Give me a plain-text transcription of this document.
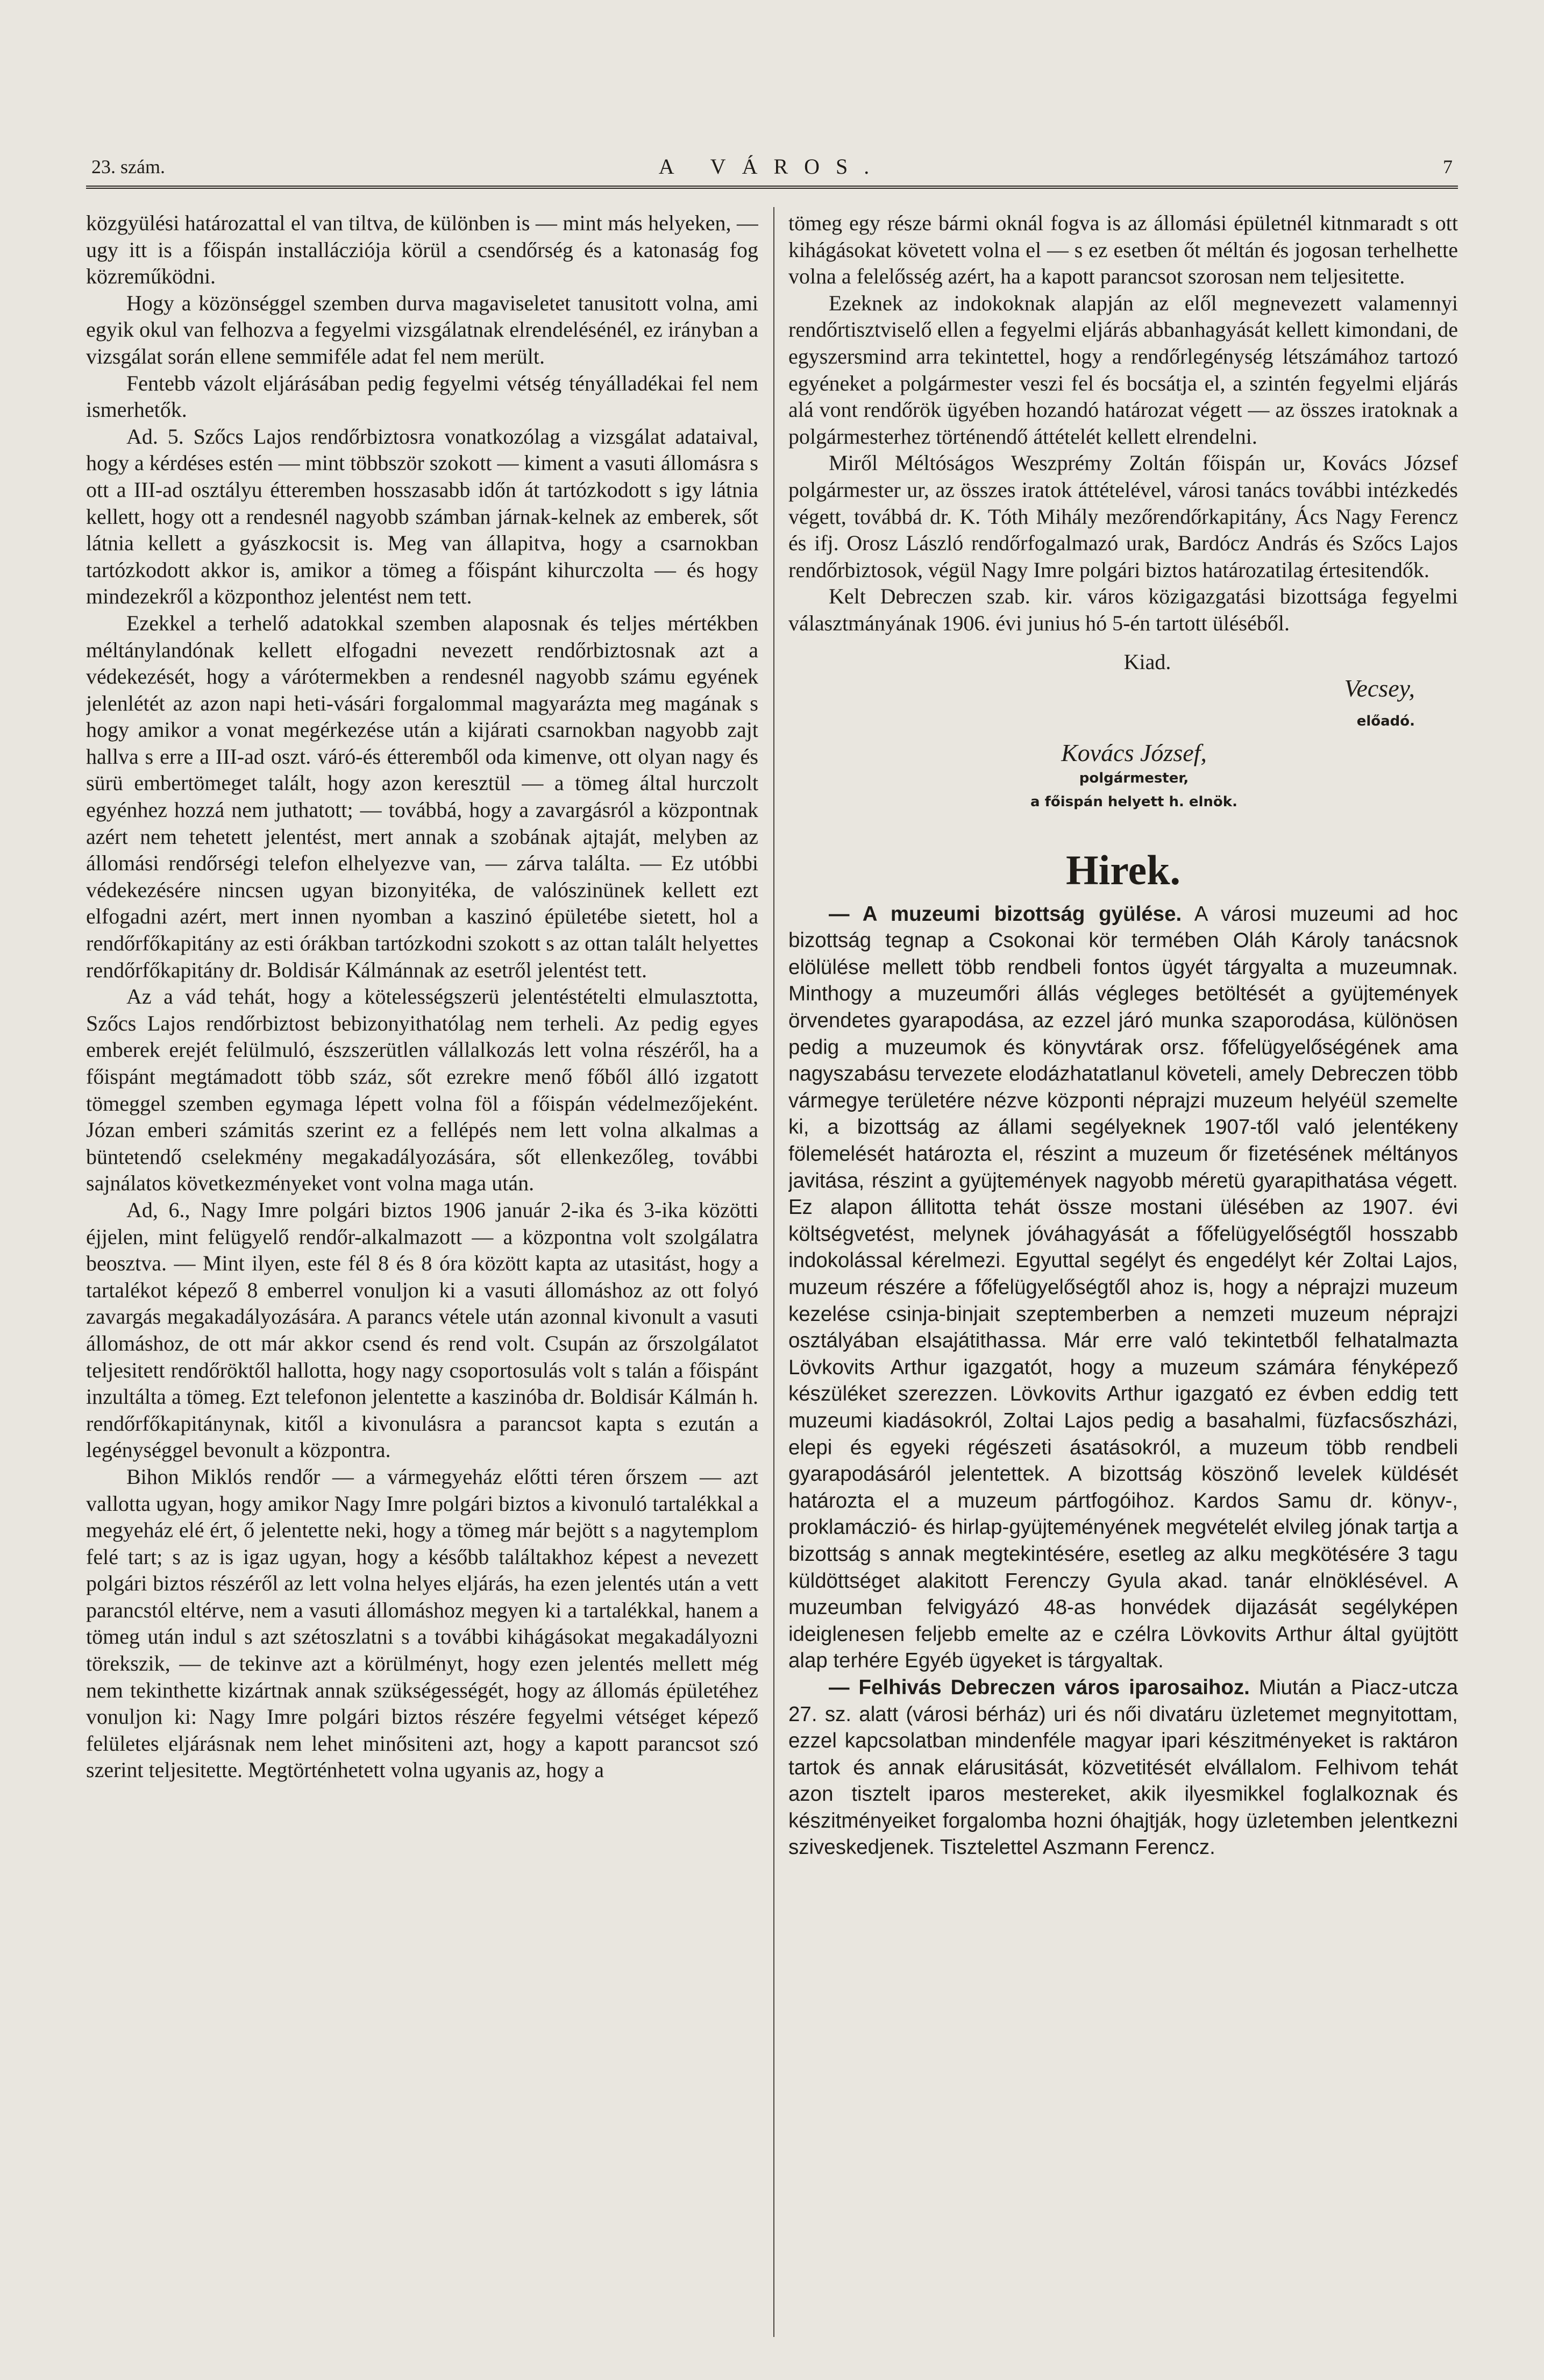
23. szám.	A VÁROS.	7

közgyülési határozattal el van tiltva, de különben is — mint más helyeken, — ugy itt is a főispán installácziója körül a csendőrség és a katonaság fog közreműködni.

Hogy a közönséggel szemben durva magaviseletet tanusitott volna, ami egyik okul van felhozva a fegyelmi vizsgálatnak elrendelésénél, ez irányban a vizsgálat során ellene semmiféle adat fel nem merült.

Fentebb vázolt eljárásában pedig fegyelmi vétség tényálladékai fel nem ismerhetők.

Ad. 5. Szőcs Lajos rendőrbiztosra vonatkozólag a vizsgálat adataival, hogy a kérdéses estén — mint többször szokott — kiment a vasuti állomásra s ott a III-ad osztályu étteremben hosszasabb időn át tartózkodott s igy látnia kellett, hogy ott a rendesnél nagyobb számban járnak-kelnek az emberek, sőt látnia kellett a gyászkocsit is. Meg van állapitva, hogy a csarnokban tartózkodott akkor is, amikor a tömeg a főispánt kihurczolta — és hogy mindezekről a központhoz jelentést nem tett.

Ezekkel a terhelő adatokkal szemben alaposnak és teljes mértékben méltánylandónak kellett elfogadni nevezett rendőrbiztosnak azt a védekezését, hogy a várótermekben a rendesnél nagyobb számu egyének jelenlétét az azon napi heti-vásári forgalommal magyarázta meg magának s hogy amikor a vonat megérkezése után a kijárati csarnokban nagyobb zajt hallva s erre a III-ad oszt. váró-és étteremből oda kimenve, ott olyan nagy és sürü embertömeget talált, hogy azon keresztül — a tömeg által hurczolt egyénhez hozzá nem juthatott; — továbbá, hogy a zavargásról a központnak azért nem tehetett jelentést, mert annak a szobának ajtaját, melyben az állomási rendőrségi telefon elhelyezve van, — zárva találta. — Ez utóbbi védekezésére nincsen ugyan bizonyitéka, de valószinünek kellett ezt elfogadni azért, mert innen nyomban a kaszinó épületébe sietett, hol a rendőrfőkapitány az esti órákban tartózkodni szokott s az ottan talált helyettes rendőrfőkapitány dr. Boldisár Kálmánnak az esetről jelentést tett.

Az a vád tehát, hogy a kötelességszerü jelentéstételti elmulasztotta, Szőcs Lajos rendőrbiztost bebizonyithatólag nem terheli. Az pedig egyes emberek erejét felülmuló, észszerütlen vállalkozás lett volna részéről, ha a főispánt megtámadott több száz, sőt ezrekre menő főből álló izgatott tömeggel szemben egymaga lépett volna föl a főispán védelmezőjeként. Józan emberi számitás szerint ez a fellépés nem lett volna alkalmas a büntetendő cselekmény megakadályozására, sőt ellenkezőleg, további sajnálatos következményeket vont volna maga után.

Ad, 6., Nagy Imre polgári biztos 1906 január 2-ika és 3-ika közötti éjjelen, mint felügyelő rendőr-alkalmazott — a központna volt szolgálatra beosztva. — Mint ilyen, este fél 8 és 8 óra között kapta az utasitást, hogy a tartalékot képező 8 emberrel vonuljon ki a vasuti állomáshoz az ott folyó zavargás megakadályozására. A parancs vétele után azonnal kivonult a vasuti állomáshoz, de ott már akkor csend és rend volt. Csupán az őrszolgálatot teljesitett rendőröktől hallotta, hogy nagy csoportosulás volt s talán a főispánt inzultálta a tömeg. Ezt telefonon jelentette a kaszinóba dr. Boldisár Kálmán h. rendőrfőkapitánynak, kitől a kivonulásra a parancsot kapta s ezután a legénységgel bevonult a központra.

Bihon Miklós rendőr — a vármegyeház előtti téren őrszem — azt vallotta ugyan, hogy amikor Nagy Imre polgári biztos a kivonuló tartalékkal a megyeház elé ért, ő jelentette neki, hogy a tömeg már bejött s a nagytemplom felé tart; s az is igaz ugyan, hogy a később találtakhoz képest a nevezett polgári biztos részéről az lett volna helyes eljárás, ha ezen jelentés után a vett parancstól eltérve, nem a vasuti állomáshoz megyen ki a tartalékkal, hanem a tömeg után indul s azt szétoszlatni s a további kihágásokat megakadályozni törekszik, — de tekinve azt a körülményt, hogy ezen jelentés mellett még nem tekinthette kizártnak annak szükségességét, hogy az állomás épületéhez vonuljon ki: Nagy Imre polgári biztos részére fegyelmi vétséget képező felületes eljárásnak nem lehet minősiteni azt, hogy a kapott parancsot szó szerint teljesitette. Megtörténhetett volna ugyanis az, hogy a

tömeg egy része bármi oknál fogva is az állomási épületnél kitnmaradt s ott kihágásokat követett volna el — s ez esetben őt méltán és jogosan terhelhette volna a felelősség azért, ha a kapott parancsot szorosan nem teljesitette.

Ezeknek az indokoknak alapján az elől megnevezett valamennyi rendőrtisztviselő ellen a fegyelmi eljárás abbanhagyását kellett kimondani, de egyszersmind arra tekintettel, hogy a rendőrlegénység létszámához tartozó egyéneket a polgármester veszi fel és bocsátja el, a szintén fegyelmi eljárás alá vont rendőrök ügyében hozandó határozat végett — az összes iratoknak a polgármesterhez történendő áttételét kellett elrendelni.

Miről Méltóságos Weszprémy Zoltán főispán ur, Kovács József polgármester ur, az összes iratok áttételével, városi tanács további intézkedés végett, továbbá dr. K. Tóth Mihály mezőrendőrkapitány, Ács Nagy Ferencz és ifj. Orosz László rendőrfogalmazó urak, Bardócz András és Szőcs Lajos rendőrbiztosok, végül Nagy Imre polgári biztos határozatilag értesitendők.

Kelt Debreczen szab. kir. város közigazgatási bizottsága fegyelmi választmányának 1906. évi junius hó 5-én tartott üléséből.

Kiad.
Vecsey,
előadó.
Kovács József,
polgármester,
a főispán helyett h. elnök.
Hirek.

— A muzeumi bizottság gyülése. A városi muzeumi ad hoc bizottság tegnap a Csokonai kör termében Oláh Károly tanácsnok elölülése mellett több rendbeli fontos ügyét tárgyalta a muzeumnak. Minthogy a muzeumőri állás végleges betöltését a gyüjtemények örvendetes gyarapodása, az ezzel járó munka szaporodása, különösen pedig a muzeumok és könyvtárak orsz. főfelügyelőségének ama nagyszabásu tervezete elodázhatatlanul követeli, amely Debreczen több vármegye területére nézve központi néprajzi muzeum helyéül szemelte ki, a bizottság az állami segélyeknek 1907-től való jelentékeny fölemelését határozta el, részint a muzeum őr fizetésének méltányos javitása, részint a gyüjtemények nagyobb méretü gyarapithatása végett. Ez alapon állitotta tehát össze mostani ülésében az 1907. évi költségvetést, melynek jóváhagyását a főfelügyelőségtől hosszabb indokolással kérelmezi. Egyuttal segélyt és engedélyt kér Zoltai Lajos, muzeum részére a főfelügyelőségtől ahoz is, hogy a néprajzi muzeum kezelése csinja-binjait szeptemberben a nemzeti muzeum néprajzi osztályában elsajátithassa. Már erre való tekintetből felhatalmazta Lövkovits Arthur igazgatót, hogy a muzeum számára fényképező készüléket szerezzen. Lövkovits Arthur igazgató ez évben eddig tett muzeumi kiadásokról, Zoltai Lajos pedig a basahalmi, füzfacsőszházi, elepi és egyeki régészeti ásatásokról, a muzeum több rendbeli gyarapodásáról jelentettek. A bizottság köszönő levelek küldését határozta el a muzeum pártfogóihoz. Kardos Samu dr. könyv-, proklamáczió- és hirlap-gyüjteményének megvételét elvileg jónak tartja a bizottság s annak megtekintésére, esetleg az alku megkötésére 3 tagu küldöttséget alakitott Ferenczy Gyula akad. tanár elnöklésével. A muzeumban felvigyázó 48-as honvédek dijazását segélyképen ideiglenesen feljebb emelte az e czélra Lövkovits Arthur által gyüjtött alap terhére Egyéb ügyeket is tárgyaltak.

— Felhivás Debreczen város iparosaihoz. Miután a Piacz-utcza 27. sz. alatt (városi bérház) uri és női divatáru üzletemet megnyitottam, ezzel kapcsolatban mindenféle magyar ipari készitményeket is raktáron tartok és annak elárusitását, közvetitését elvállalom. Felhivom tehát azon tisztelt iparos mestereket, akik ilyesmikkel foglalkoznak és készitményeiket forgalomba hozni óhajtják, hogy üzletemben jelentkezni sziveskedjenek. Tisztelettel Aszmann Ferencz.
